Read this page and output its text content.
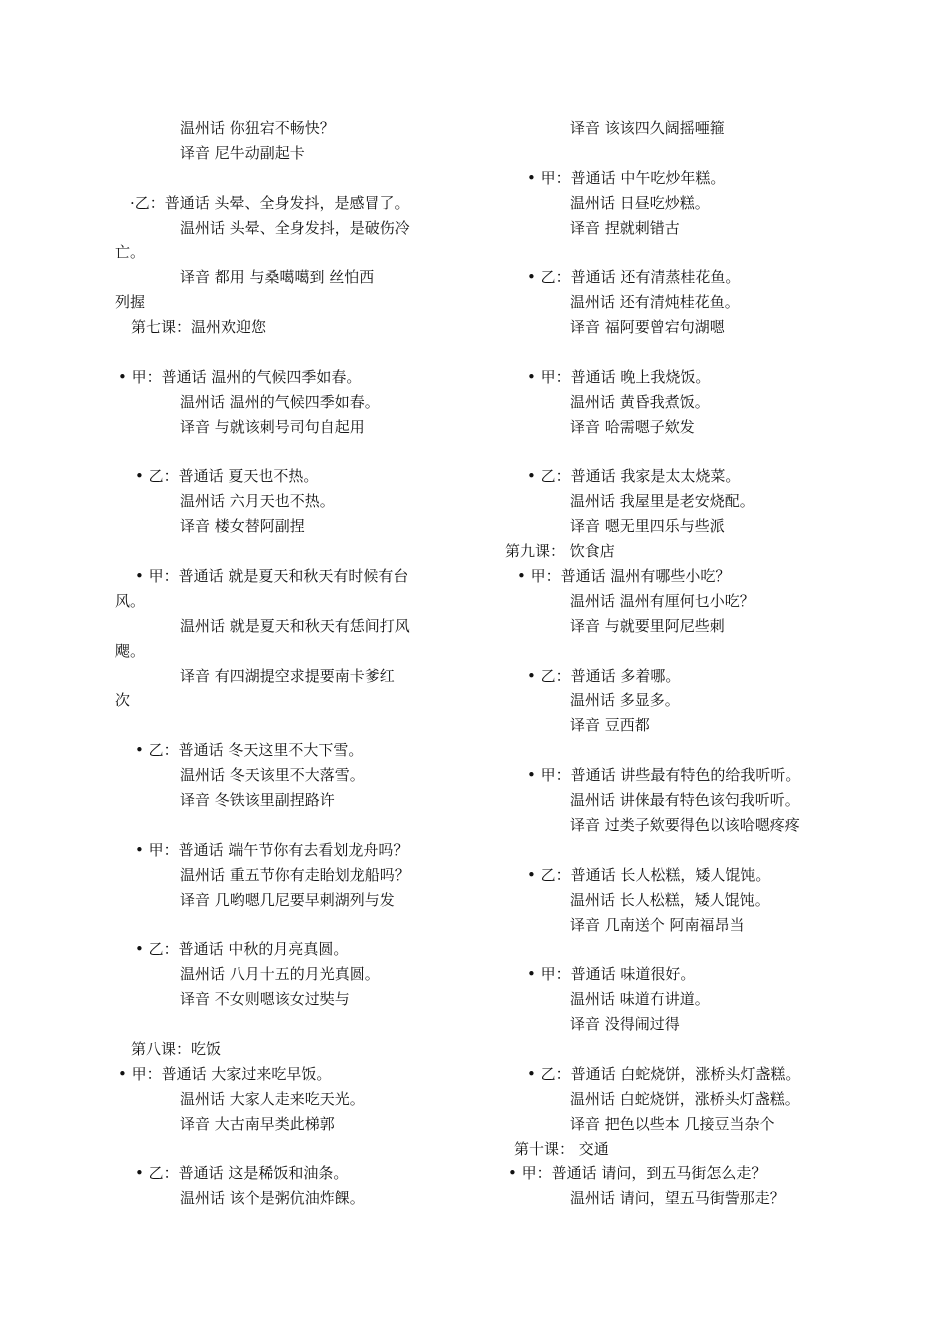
温州话 你狃宕不畅快？
译音 尼牛动副起卡
·乙：普通话 头晕、全身发抖，是感冒了。
温州话 头晕、全身发抖，是破伤冷
亡。
译音 都用 与桑噶噶到 丝怕西
列握
第七课：温州欢迎您
• 甲：普通话 温州的气候四季如春。
温州话 温州的气候四季如春。
译音 与就该刺号司句自起用
• 乙：普通话 夏天也不热。
温州话 六月天也不热。
译音 楼女替阿副捏
• 甲：普通话 就是夏天和秋天有时候有台
风。
温州话 就是夏天和秋天有恁间打风
飔。
译音 有四湖提空求提要南卡爹红
次
• 乙：普通话 冬天这里不大下雪。
温州话 冬天该里不大落雪。
译音 冬铁该里副捏路许
• 甲：普通话 端午节你有去看划龙舟吗？
温州话 重五节你有走眙划龙船吗？
译音 几哟嗯几尼要早刺湖列与发
• 乙：普通话 中秋的月亮真圆。
温州话 八月十五的月光真圆。
译音 不女则嗯该女过奘与
第八课：吃饭
• 甲：普通话 大家过来吃早饭。
温州话 大家人走来吃天光。
译音 大古南早类此梯郭
• 乙：普通话 这是稀饭和油条。
温州话 该个是粥伉油炸餜。
译音 该该四久阔摇唖箍
• 甲：普通话 中午吃炒年糕。
温州话 日昼吃炒糕。
译音 捏就刺错古
• 乙：普通话 还有清蒸桂花鱼。
温州话 还有清炖桂花鱼。
译音 福阿要曾宕句湖嗯
• 甲：普通话 晚上我烧饭。
温州话 黄昏我煮饭。
译音 哈需嗯子欸发
• 乙：普通话 我家是太太烧菜。
温州话 我屋里是老安烧配。
译音 嗯无里四乐与些派
第九课： 饮食店
• 甲：普通话 温州有哪些小吃？
温州话 温州有厘何乜小吃？
译音 与就要里阿尼些刺
• 乙：普通话 多着哪。
温州话 多显多。
译音 豆西都
• 甲：普通话 讲些最有特色的给我听听。
温州话 讲俫最有特色该匄我听听。
译音 过类子欸要得色以该哈嗯疼疼
• 乙：普通话 长人松糕，矮人馄饨。
温州话 长人松糕，矮人馄饨。
译音 几南送个 阿南福昂当
• 甲：普通话 味道很好。
温州话 味道冇讲道。
译音 没得闹过得
• 乙：普通话 白蛇烧饼，涨桥头灯盏糕。
温州话 白蛇烧饼，涨桥头灯盏糕。
译音 把色以些本 几接豆当杂个
第十课： 交通
• 甲：普通话 请问，到五马街怎么走？
温州话 请问，望五马街訾那走？
